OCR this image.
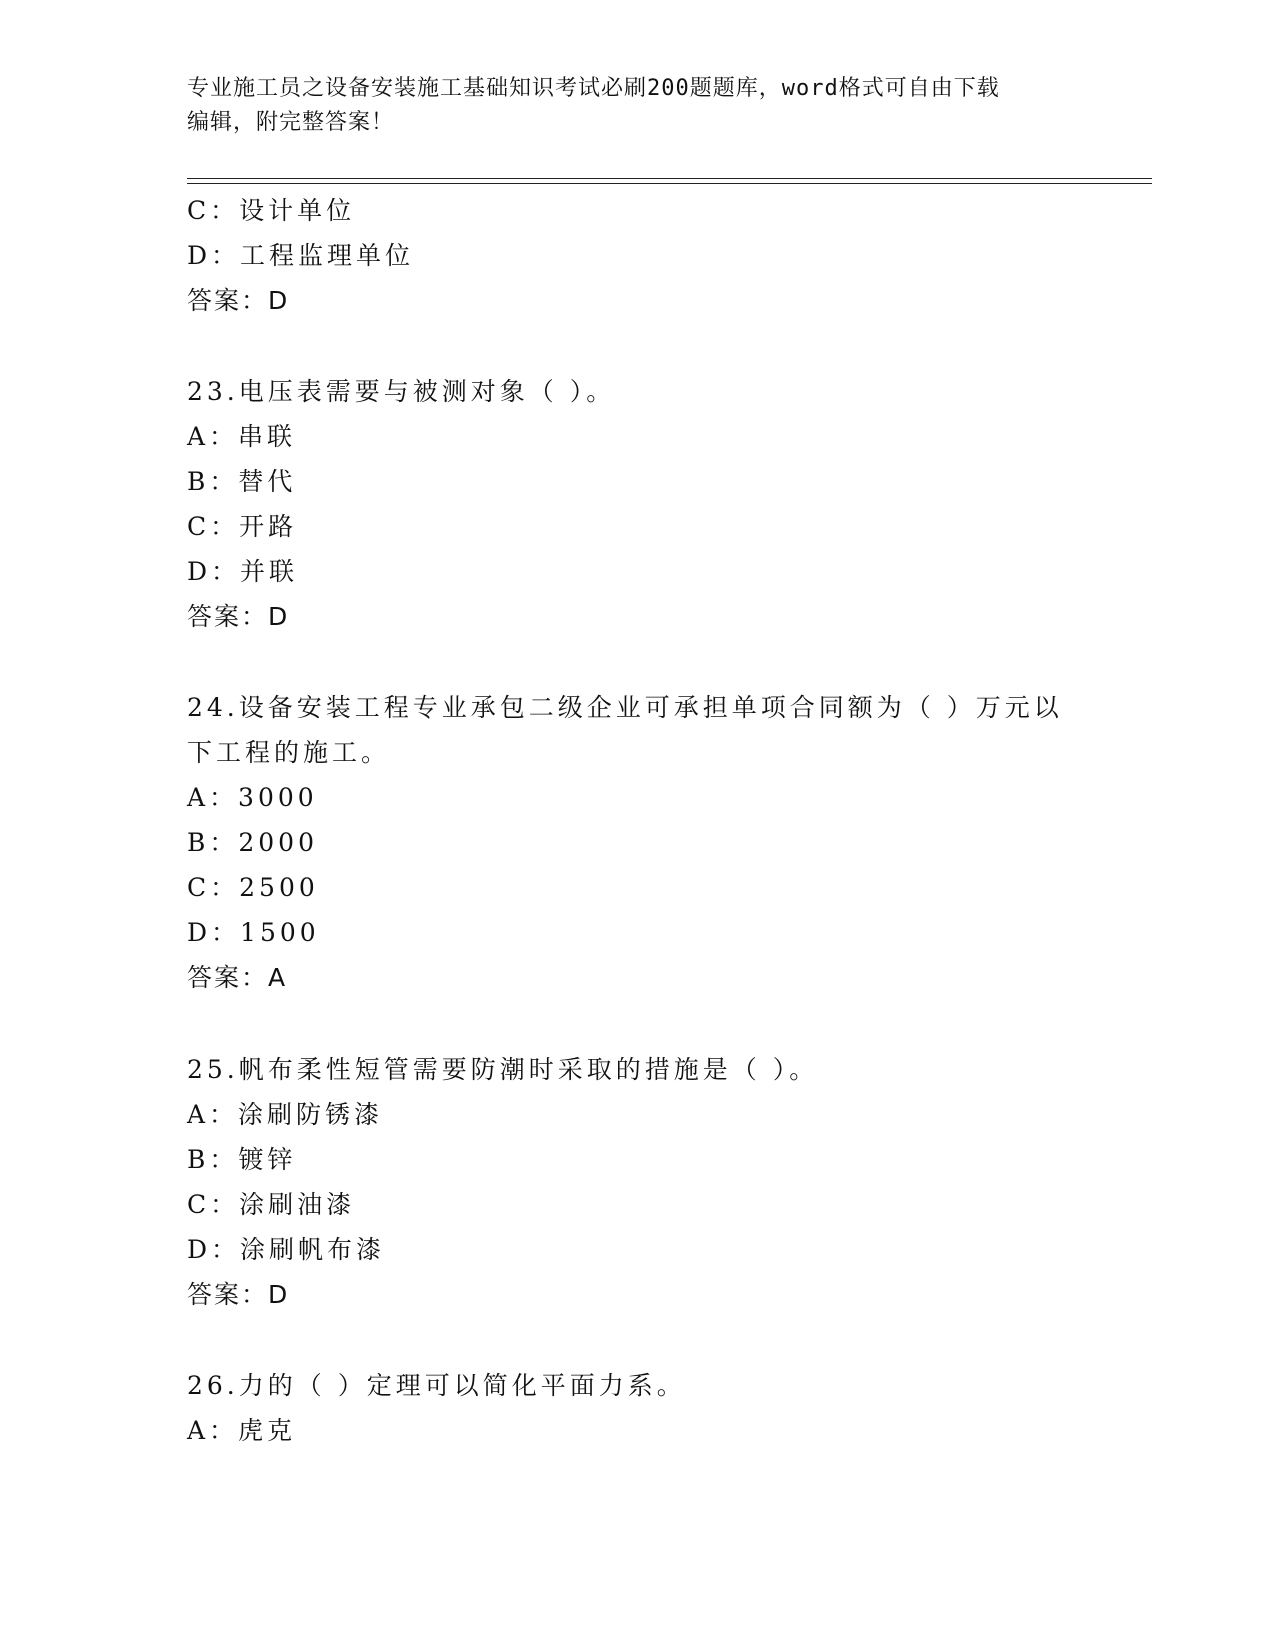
专业施工员之设备安装施工基础知识考试必刷200题题库，word格式可自由下载
编辑，附完整答案！
C：设计单位
D：工程监理单位
答案：D
23.电压表需要与被测对象（ ）。
A：串联
B：替代
C：开路
D：并联
答案：D
24.设备安装工程专业承包二级企业可承担单项合同额为（ ）万元以
下工程的施工。
A：3000
B：2000
C：2500
D：1500
答案：A
25.帆布柔性短管需要防潮时采取的措施是（ ）。
A：涂刷防锈漆
B：镀锌
C：涂刷油漆
D：涂刷帆布漆
答案：D
26.力的（ ）定理可以简化平面力系。
A：虎克
